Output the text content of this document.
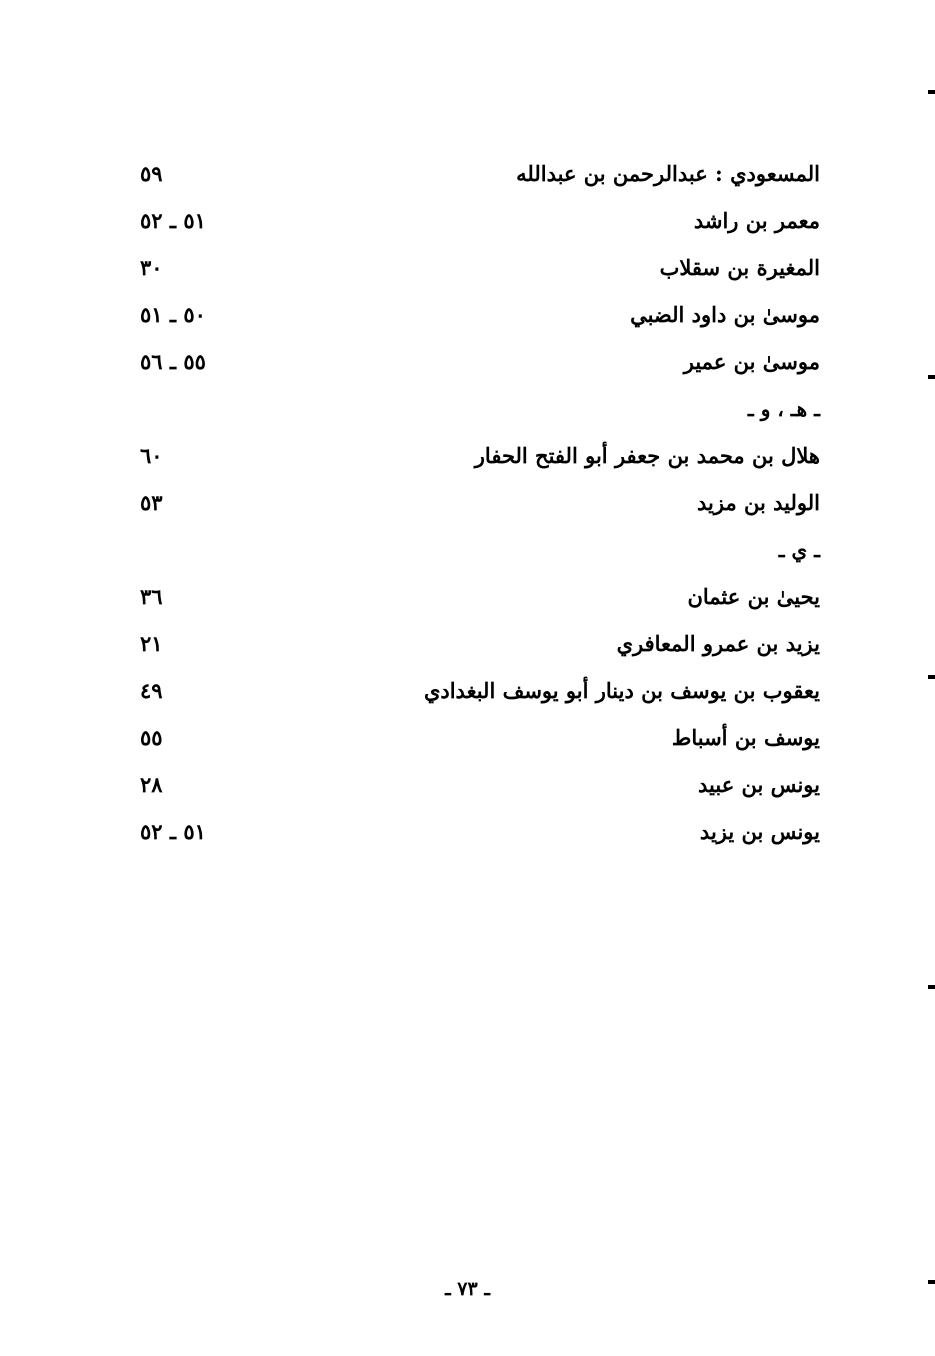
المسعودي : عبدالرحمن بن عبدالله
٥٩
معمر بن راشد
٥١ ـ ٥٢
المغيرة بن سقلاب
٣٠
موسىٰ بن داود الضبي
٥٠ ـ ٥١
موسىٰ بن عمير
٥٥ ـ ٥٦
ـ هـ ، و ـ
هلال بن محمد بن جعفر أبو الفتح الحفار
٦٠
الوليد بن مزيد
٥٣
ـ ي ـ
يحيىٰ بن عثمان
٣٦
يزيد بن عمرو المعافري
٢١
يعقوب بن يوسف بن دينار أبو يوسف البغدادي
٤٩
يوسف بن أسباط
٥٥
يونس بن عبيد
٢٨
يونس بن يزيد
٥١ ـ ٥٢
ـ ٧٣ ـ
